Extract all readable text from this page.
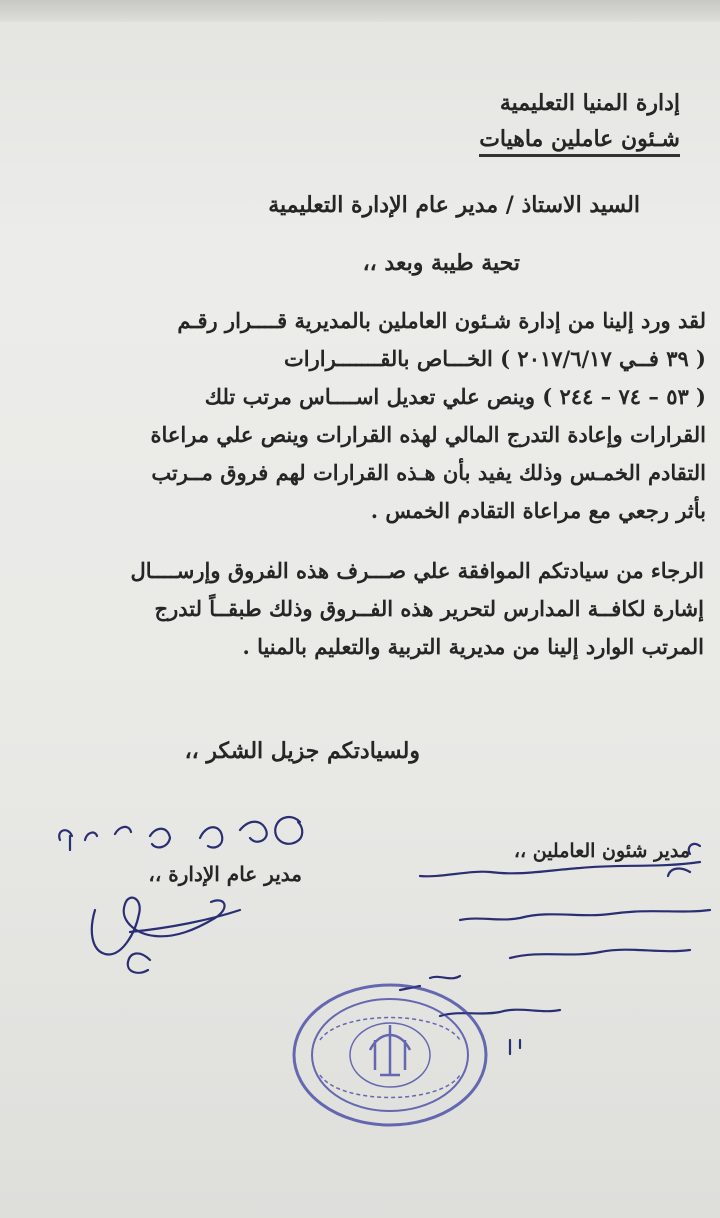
إدارة المنيا التعليمية
شـئون عاملين ماهيات
السيد الاستاذ / مدير عام الإدارة التعليمية
تحية طيبة وبعد ،،
لقد ورد إلينا من إدارة شـئون العاملين بالمديرية قــــرار رقـم
( ٣٩ فــي ٢٠١٧/٦/١٧ ) الخـــاص بالقـــــــرارات
( ٥٣ – ٧٤ – ٢٤٤ ) وينص علي تعديل اســــاس مرتب تلك
القرارات وإعادة التدرج المالي لهذه القرارات وينص علي مراعاة
التقادم الخمـس وذلك يفيد بأن هـذه القرارات لهم فروق مــرتب
بأثر رجعي مع مراعاة التقادم الخمس .
الرجاء من سيادتكم الموافقة علي صـــرف هذه الفروق وإرســــال
إشارة لكافــة المدارس لتحرير هذه الفــروق وذلك طبقــاً لتدرج
المرتب الوارد إلينا من مديرية التربية والتعليم بالمنيا .
ولسيادتكم جزيل الشكر ،،
مدير شئون العاملين ،،
مدير عام الإدارة ،،
